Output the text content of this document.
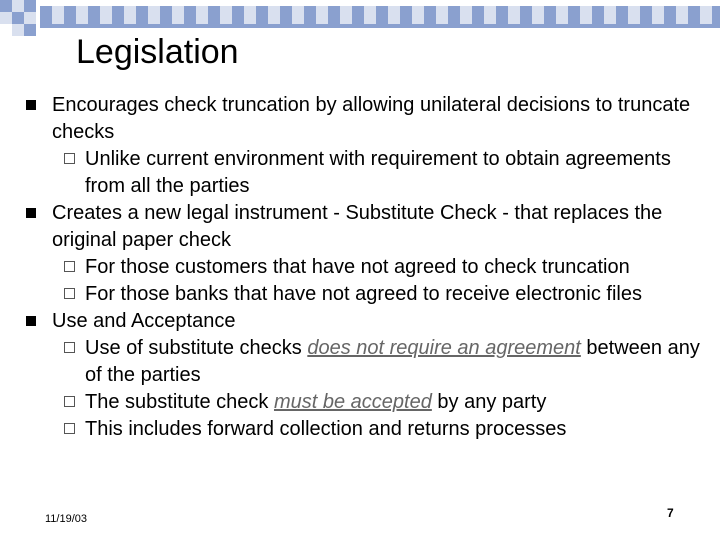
Legislation
Encourages check truncation by allowing unilateral decisions to truncate checks
Unlike current environment with requirement to obtain agreements from all the parties
Creates a new legal instrument - Substitute Check - that replaces the original paper check
For those customers that have not agreed to check truncation
For those banks that have not agreed to receive electronic files
Use and Acceptance
Use of substitute checks does not require an agreement between any of the parties
The substitute check must be accepted by any party
This includes forward collection and returns processes
11/19/03	7
